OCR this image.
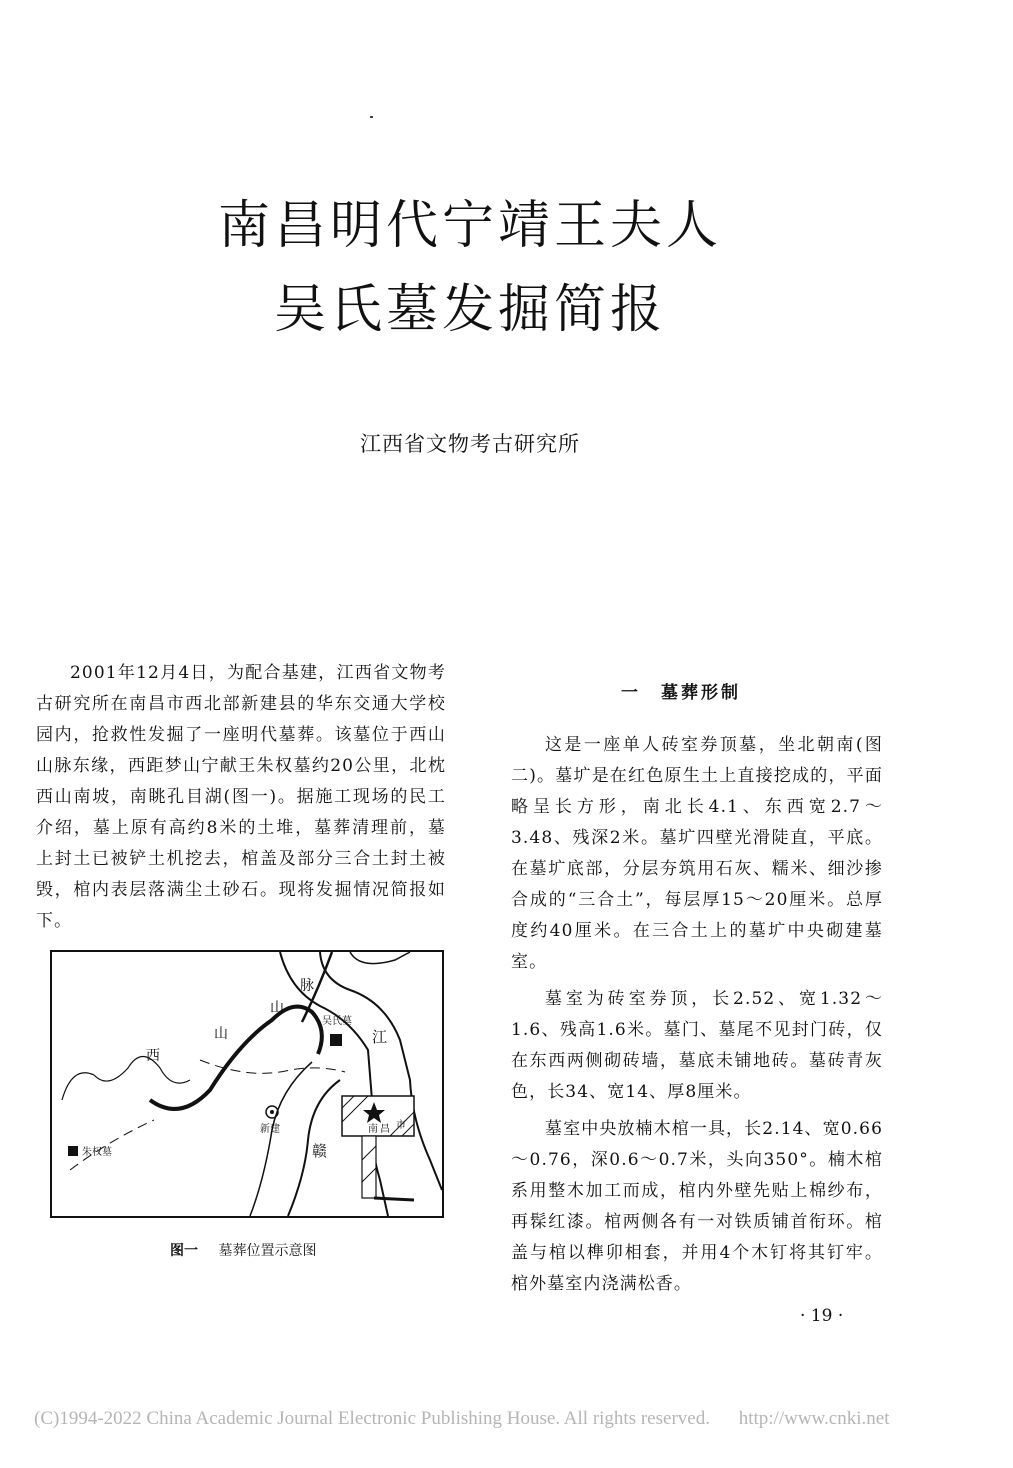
南昌明代宁靖王夫人
吴氏墓发掘简报
江西省文物考古研究所

2001年12月4日，为配合基建，江西省文物考古研究所在南昌市西北部新建县的华东交通大学校园内，抢救性发掘了一座明代墓葬。该墓位于西山山脉东缘，西距梦山宁献王朱权墓约20公里，北枕西山南坡，南眺孔目湖(图一)。据施工现场的民工介绍，墓上原有高约8米的土堆，墓葬清理前，墓上封土已被铲土机挖去，棺盖及部分三合土封土被毁，棺内表层落满尘土砂石。现将发掘情况简报如下。

脉
山
山
西
江
赣
吴氏墓
新建	南 昌 市
朱权墓
图一 墓葬位置示意图
一 墓葬形制

这是一座单人砖室券顶墓，坐北朝南(图二)。墓圹是在红色原生土上直接挖成的，平面略呈长方形，南北长4.1、东西宽2.7～3.48、残深2米。墓圹四壁光滑陡直，平底。在墓圹底部，分层夯筑用石灰、糯米、细沙掺合成的“三合土”，每层厚15～20厘米。总厚度约40厘米。在三合土上的墓圹中央砌建墓室。

墓室为砖室券顶，长2.52、宽1.32～1.6、残高1.6米。墓门、墓尾不见封门砖，仅在东西两侧砌砖墙，墓底未铺地砖。墓砖青灰色，长34、宽14、厚8厘米。

墓室中央放楠木棺一具，长2.14、宽0.66～0.76，深0.6～0.7米，头向350°。楠木棺系用整木加工而成，棺内外壁先贴上棉纱布，再髹红漆。棺两侧各有一对铁质铺首衔环。棺盖与棺以榫卯相套，并用4个木钉将其钉牢。棺外墓室内浇满松香。

· 19 ·
(C)1994-2022 China Academic Journal Electronic Publishing House. All rights reserved. http://www.cnki.net
